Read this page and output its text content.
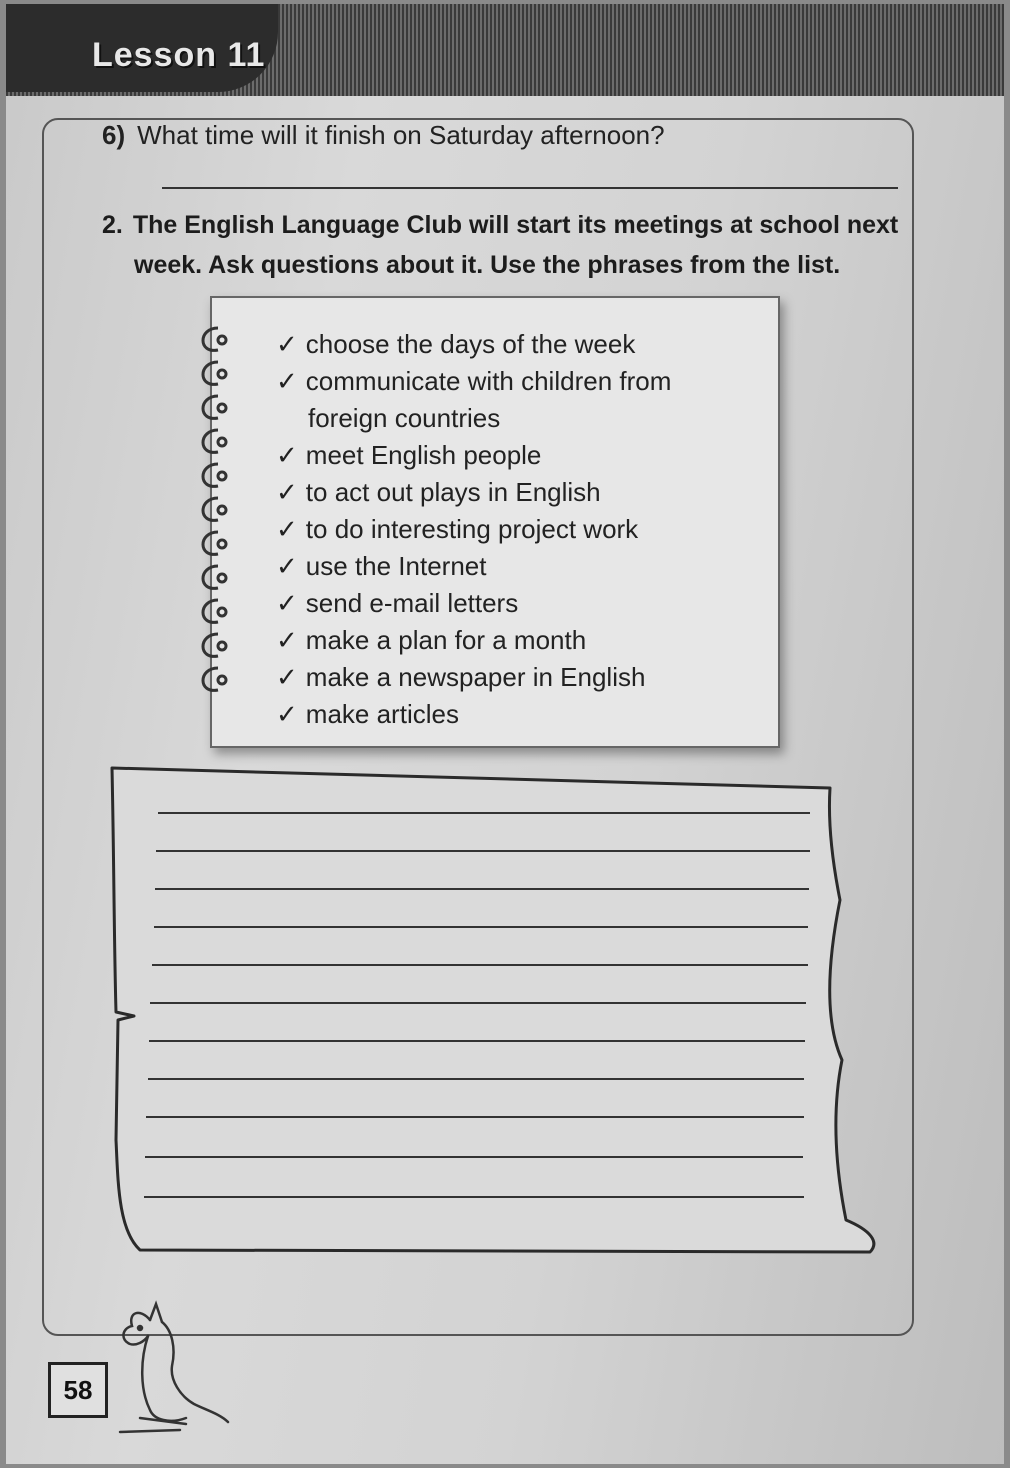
Lesson 11
6) What time will it finish on Saturday afternoon?
2. The English Language Club will start its meetings at school next
week. Ask questions about it. Use the phrases from the list.
✓ choose the days of the week
✓ communicate with children from
foreign countries
✓ meet English people
✓ to act out plays in English
✓ to do interesting project work
✓ use the Internet
✓ send e-mail letters
✓ make a plan for a month
✓ make a newspaper in English
✓ make articles
58
